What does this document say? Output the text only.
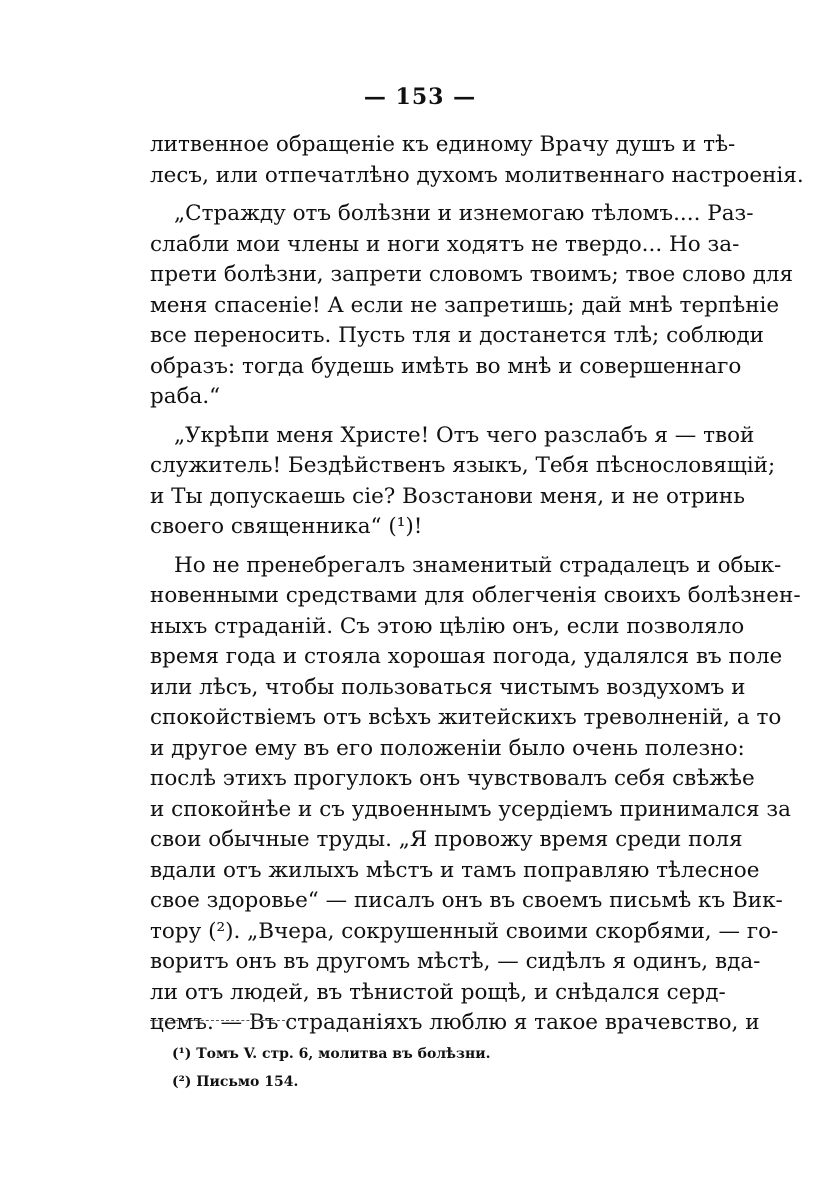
— 153 —
литвенное обращеніе къ единому Врачу душъ и тѣ-
лесъ, или отпечатлѣно духомъ молитвеннаго настроенія.
„Стражду отъ болѣзни и изнемогаю тѣломъ.... Раз-
слабли мои члены и ноги ходятъ не твердо... Но за-
прети болѣзни, запрети словомъ твоимъ; твое слово для
меня спасеніе! А если не запретишь; дай мнѣ терпѣніе
все переносить. Пусть тля и достанется тлѣ; соблюди
образъ: тогда будешь имѣть во мнѣ и совершеннаго
раба.“
„Укрѣпи меня Христе! Отъ чего разслабъ я — твой
служитель! Бездѣйственъ языкъ, Тебя пѣснословящій;
и Ты допускаешь сіе? Возстанови меня, и не отринь
своего священника“ (¹)!
Но не пренебрегалъ знаменитый страдалецъ и обык-
новенными средствами для облегченія своихъ болѣзнен-
ныхъ страданій. Съ этою цѣлію онъ, если позволяло
время года и стояла хорошая погода, удалялся въ поле
или лѣсъ, чтобы пользоваться чистымъ воздухомъ и
спокойствіемъ отъ всѣхъ житейскихъ треволненій, а то
и другое ему въ его положеніи было очень полезно:
послѣ этихъ прогулокъ онъ чувствовалъ себя свѣжѣе
и спокойнѣе и съ удвоеннымъ усердіемъ принимался за
свои обычные труды. „Я провожу время среди поля
вдали отъ жилыхъ мѣстъ и тамъ поправляю тѣлесное
свое здоровье“ — писалъ онъ въ своемъ письмѣ къ Вик-
тору (²). „Вчера, сокрушенный своими скорбями, — го-
воритъ онъ въ другомъ мѣстѣ, — сидѣлъ я одинъ, вда-
ли отъ людей, въ тѣнистой рощѣ, и снѣдался серд-
цемъ. — Въ страданіяхъ люблю я такое врачевство, и
(¹) Томъ V. стр. 6, молитва въ болѣзни.
(²) Письмо 154.
